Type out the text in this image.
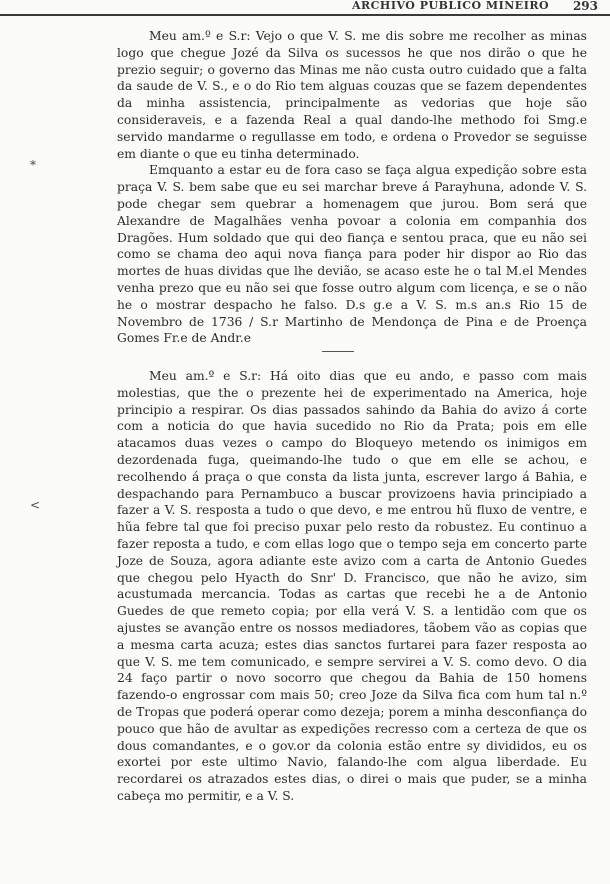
ARCHIVO PUBLICO MINEIRO 293
*
<

Meu am.º e S.r: Vejo o que V. S. me dis sobre me recolher as minas logo que chegue Jozé da Silva os sucessos he que nos dirão o que he prezio seguir; o governo das Minas me não custa outro cuidado que a falta da saude de V. S., e o do Rio tem alguas couzas que se fazem dependentes da minha assistencia, principalmente as vedorias que hoje são consideraveis, e a fazenda Real a qual dando-lhe methodo foi Smg.e servido mandarme o regullasse em todo, e ordena o Provedor se seguisse em diante o que eu tinha determinado.

Emquanto a estar eu de fora caso se faça algua expedição sobre esta praça V. S. bem sabe que eu sei marchar breve á Parayhuna, adonde V. S. pode chegar sem quebrar a homenagem que jurou. Bom será que Alexandre de Magalhães venha povoar a colonia em companhia dos Dragões. Hum soldado que qui deo fiança e sentou praca, que eu não sei como se chama deo aqui nova fiança para poder hir dispor ao Rio das mortes de huas dividas que lhe devião, se acaso este he o tal M.el Mendes venha prezo que eu não sei que fosse outro algum com licença, e se o não he o mostrar despacho he falso. D.s g.e a V. S. m.s an.s Rio 15 de Novembro de 1736 / S.r Martinho de Mendonça de Pina e de Proença Gomes Fr.e de Andr.e

Meu am.º e S.r: Há oito dias que eu ando, e passo com mais molestias, que the o prezente hei de experimentado na America, hoje principio a respirar. Os dias passados sahindo da Bahia do avizo á corte com a noticia do que havia sucedido no Rio da Prata; pois em elle atacamos duas vezes o campo do Bloqueyo metendo os inimigos em dezordenada fuga, queimando-lhe tudo o que em elle se achou, e recolhendo á praça o que consta da lista junta, escrever largo á Bahia, e despachando para Pernambuco a buscar provizoens havia principiado a fazer a V. S. resposta a tudo o que devo, e me entrou hũ fluxo de ventre, e hũa febre tal que foi preciso puxar pelo resto da robustez. Eu continuo a fazer reposta a tudo, e com ellas logo que o tempo seja em concerto parte Joze de Souza, agora adiante este avizo com a carta de Antonio Guedes que chegou pelo Hyacth do Snr' D. Francisco, que não he avizo, sim acustumada mercancia. Todas as cartas que recebi he a de Antonio Guedes de que remeto copia; por ella verá V. S. a lentidão com que os ajustes se avanção entre os nossos mediadores, tãobem vão as copias que a mesma carta acuza; estes dias sanctos furtarei para fazer resposta ao que V. S. me tem comunicado, e sempre servirei a V. S. como devo. O dia 24 faço partir o novo socorro que chegou da Bahia de 150 homens fazendo-o engrossar com mais 50; creo Joze da Silva fica com hum tal n.º de Tropas que poderá operar como dezeja; porem a minha desconfiança do pouco que hão de avultar as expedições recresso com a certeza de que os dous comandantes, e o gov.or da colonia estão entre sy divididos, eu os exortei por este ultimo Navio, falando-lhe com algua liberdade. Eu recordarei os atrazados estes dias, o direi o mais que puder, se a minha cabeça mo permitir, e a V. S.
